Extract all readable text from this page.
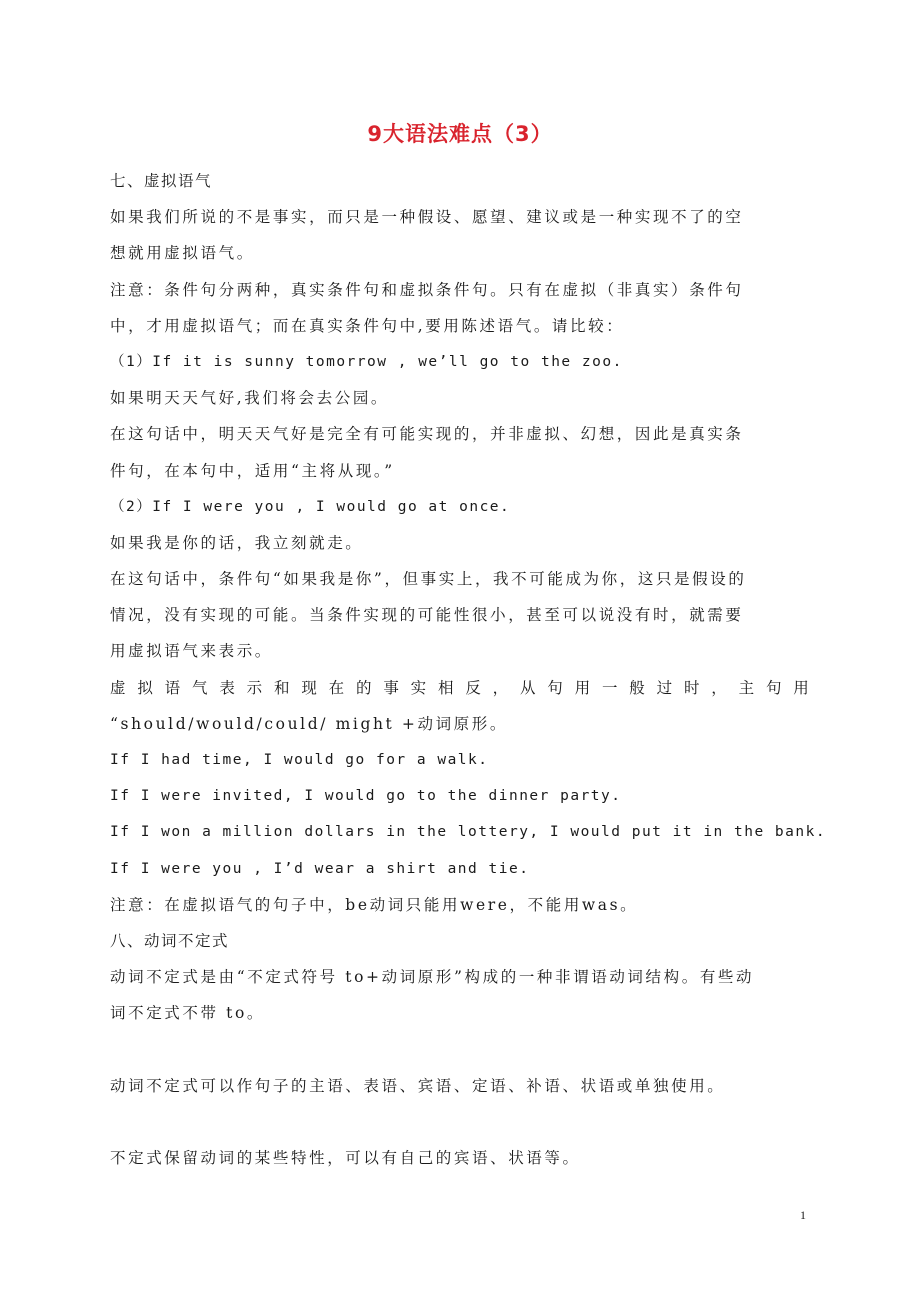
9大语法难点（3）
七、虚拟语气
如果我们所说的不是事实，而只是一种假设、愿望、建议或是一种实现不了的空
想就用虚拟语气。
注意：条件句分两种，真实条件句和虚拟条件句。只有在虚拟（非真实）条件句
中，才用虚拟语气；而在真实条件句中,要用陈述语气。请比较：
（1）If it is sunny tomorrow , we’ll go to the zoo.
如果明天天气好,我们将会去公园。
在这句话中，明天天气好是完全有可能实现的，并非虚拟、幻想，因此是真实条
件句，在本句中，适用“主将从现。”
（2）If I were you , I would go at once.
如果我是你的话，我立刻就走。
在这句话中，条件句“如果我是你”，但事实上，我不可能成为你，这只是假设的
情况，没有实现的可能。当条件实现的可能性很小，甚至可以说没有时，就需要
用虚拟语气来表示。
虚拟语气表示和现在的事实相反，从句用一般过时，主句用
“should/would/could/ might +动词原形。
If I had time, I would go for a walk.
If I were invited, I would go to the dinner party.
If I won a million dollars in the lottery, I would put it in the bank.
If I were you , I’d wear a shirt and tie.
注意：在虚拟语气的句子中，be动词只能用were，不能用was。
八、动词不定式
动词不定式是由“不定式符号 to+动词原形”构成的一种非谓语动词结构。有些动
词不定式不带 to。
动词不定式可以作句子的主语、表语、宾语、定语、补语、状语或单独使用。
不定式保留动词的某些特性，可以有自己的宾语、状语等。
1
